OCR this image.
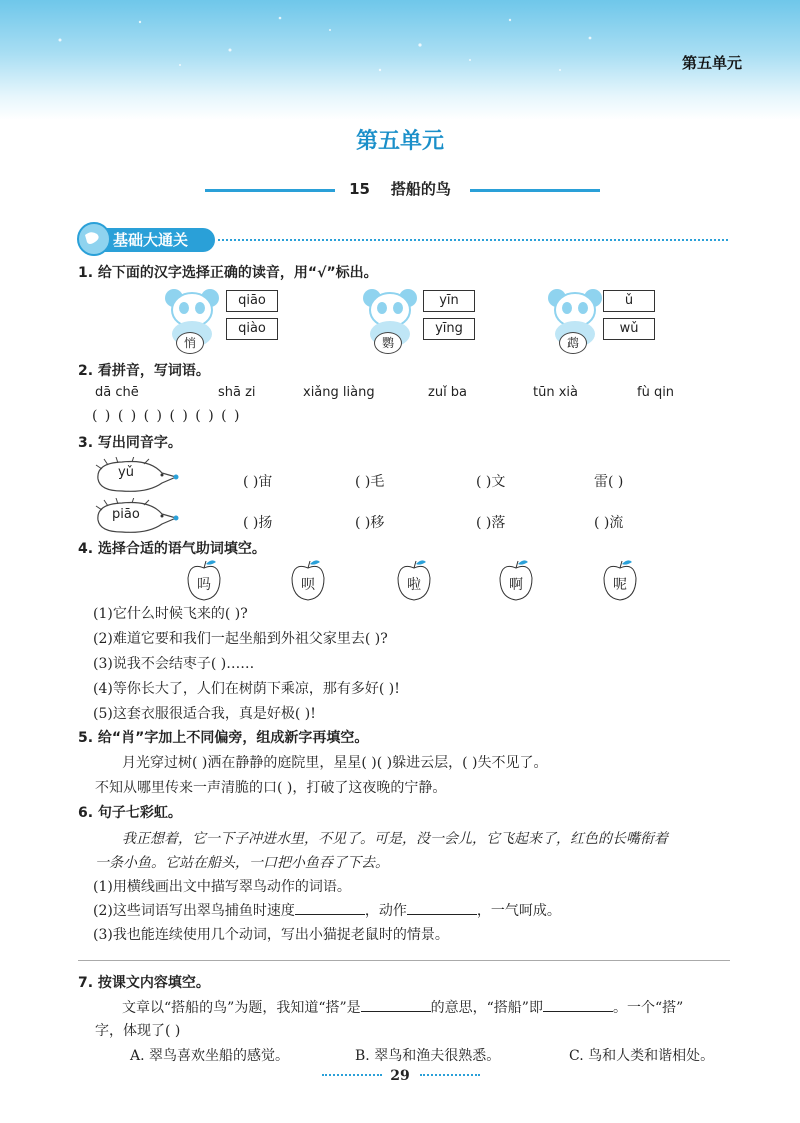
第五单元
第五单元
15 搭船的鸟
基础大通关
1. 给下面的汉字选择正确的读音，用“√”标出。
悄
qiāo
qiào
鹦
yīn
yīng
鹉
ǔ
wǔ
2. 看拼音，写词语。
dā chē	shā zi	xiǎng liàng	zuǐ ba	tūn xià	fù qin
( ) ( ) ( ) ( ) ( ) ( )
3. 写出同音字。
yǔ
( )宙	( )毛	( )文	雷( )
piāo
( )扬	( )移	( )落	( )流
4. 选择合适的语气助词填空。
吗	呗	啦	啊	呢
(1)它什么时候飞来的( )?
(2)难道它要和我们一起坐船到外祖父家里去( )?
(3)说我不会结枣子( )……
(4)等你长大了，人们在树荫下乘凉，那有多好( )!
(5)这套衣服很适合我，真是好极( )!
5. 给“肖”字加上不同偏旁，组成新字再填空。
月光穿过树( )洒在静静的庭院里，星星( )( )躲进云层，( )失不见了。
不知从哪里传来一声清脆的口( )，打破了这夜晚的宁静。
6. 句子七彩虹。
我正想着，它一下子冲进水里，不见了。可是，没一会儿，它飞起来了，红色的长嘴衔着
一条小鱼。它站在船头，一口把小鱼吞了下去。
(1)用横线画出文中描写翠鸟动作的词语。
(2)这些词语写出翠鸟捕鱼时速度	，动作	，一气呵成。
(3)我也能连续使用几个动词，写出小猫捉老鼠时的情景。
7. 按课文内容填空。
文章以“搭船的鸟”为题，我知道“搭”是	的意思，“搭船”即	。一个“搭”
字，体现了( )
A. 翠鸟喜欢坐船的感觉。	B. 翠鸟和渔夫很熟悉。	C. 鸟和人类和谐相处。
29
